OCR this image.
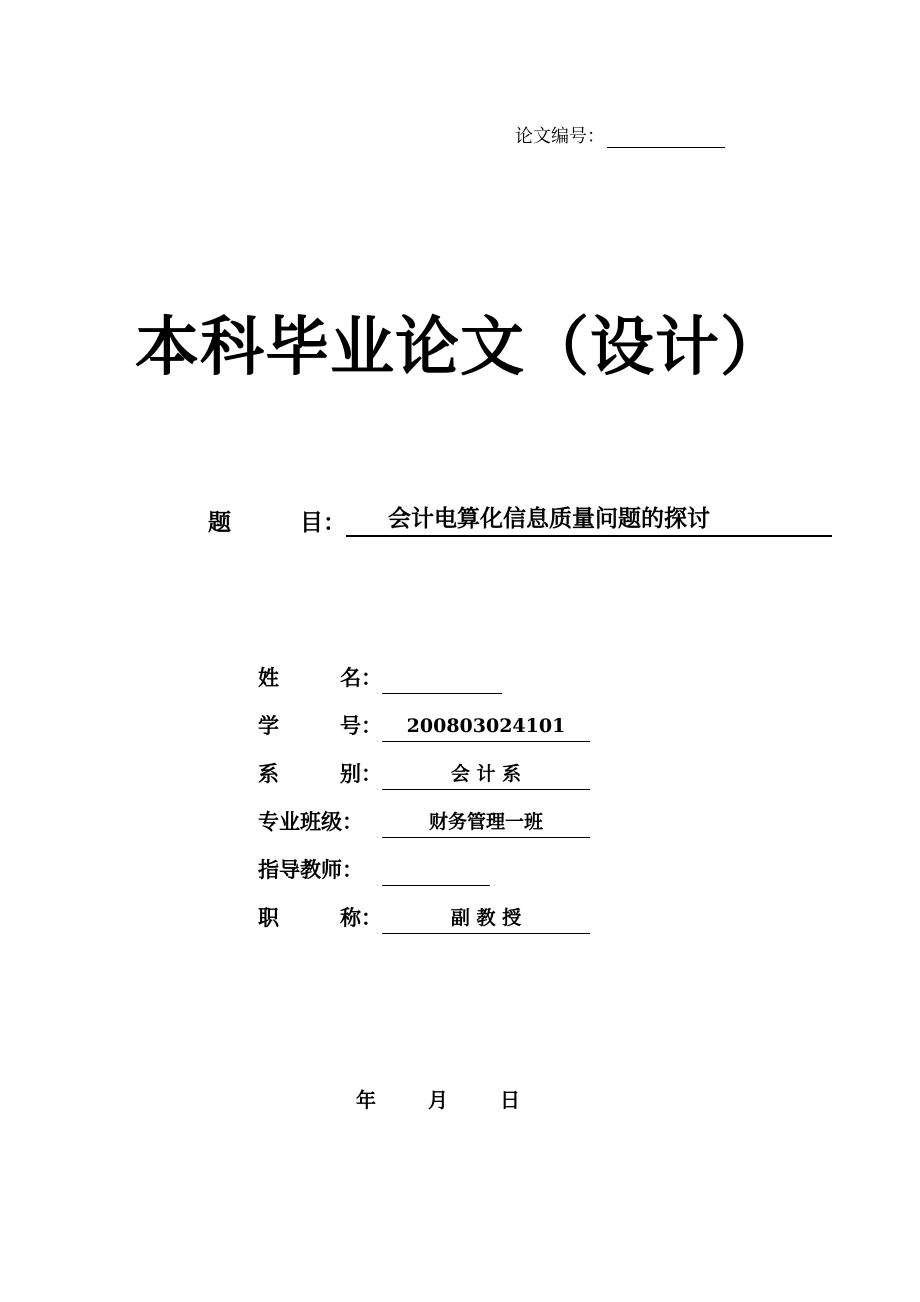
论文编号：
本科毕业论文（设计）
题	目：	会计电算化信息质量问题的探讨
姓	名：
学	号：	200803024101
系	别：	会 计 系
专业班级：	财务管理一班
指导教师：
职	称：	副 教 授
年	月	日
